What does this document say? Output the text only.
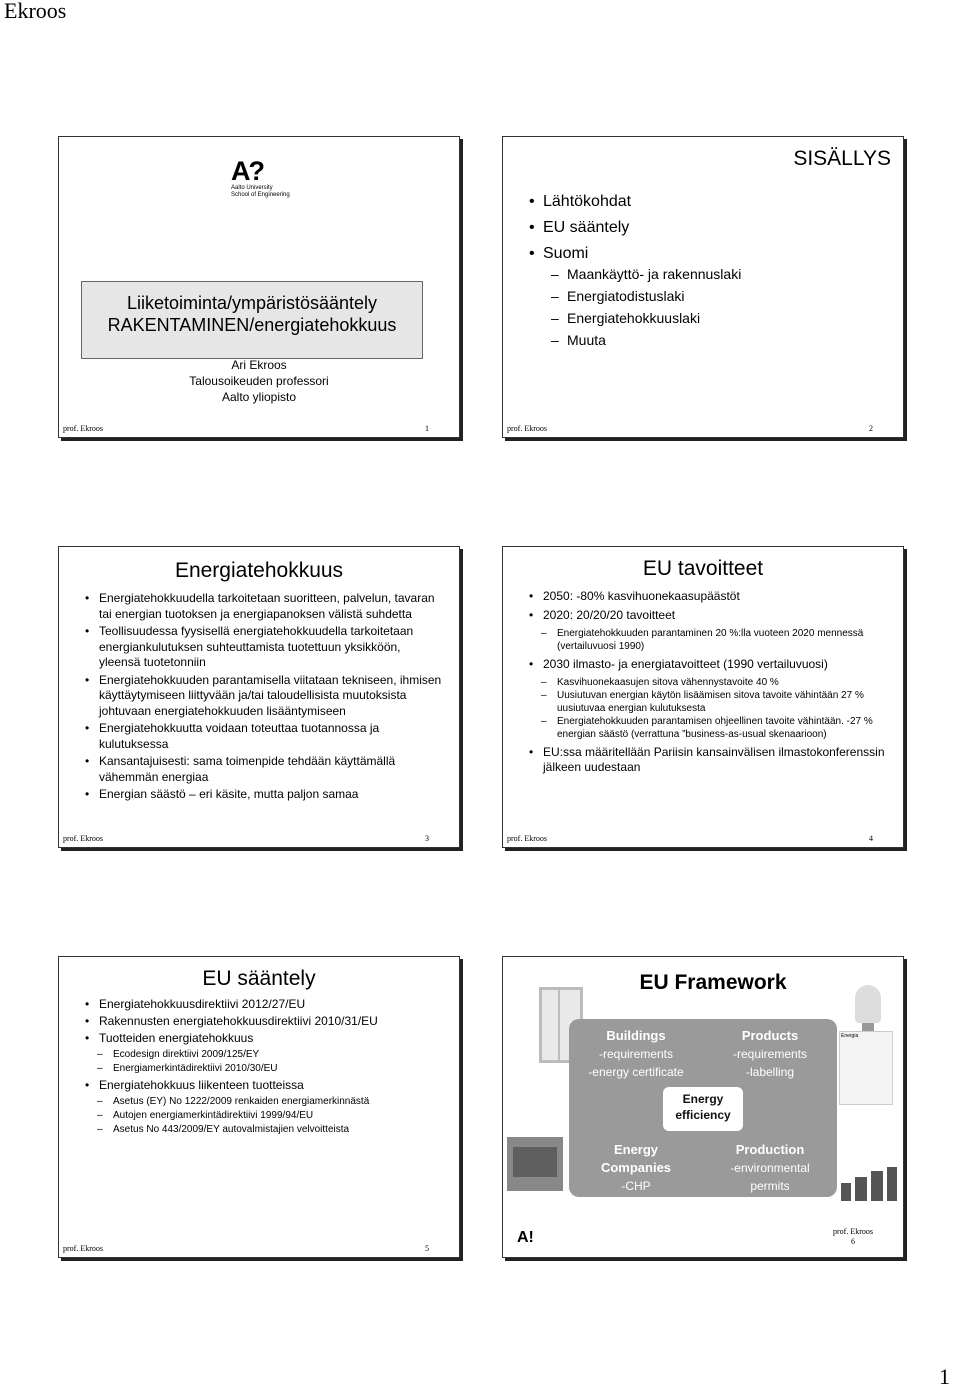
Ekroos
A?
Aalto University
School of Engineering
Liiketoiminta/ympäristösääntely
RAKENTAMINEN/energiatehokkuus
Ari Ekroos
Talousoikeuden professori
Aalto yliopisto
prof. Ekroos	1
SISÄLLYS
• Lähtökohdat
• EU sääntely
• Suomi
– Maankäyttö- ja rakennuslaki
– Energiatodistuslaki
– Energiatehokkuuslaki
– Muuta
prof. Ekroos	2
Energiatehokkuus
• Energiatehokkuudella tarkoitetaan suoritteen, palvelun, tavaran tai energian tuotoksen ja energiapanoksen välistä suhdetta
• Teollisuudessa fyysisellä energiatehokkuudella tarkoitetaan energiankulutuksen suhteuttamista tuotettuun yksikköön, yleensä tuotetonniin
• Energiatehokkuuden parantamisella viitataan tekniseen, ihmisen käyttäytymiseen liittyvään ja/tai taloudellisista muutoksista johtuvaan energiatehokkuuden lisääntymiseen
• Energiatehokkuutta voidaan toteuttaa tuotannossa ja kulutuksessa
• Kansantajuisesti: sama toimenpide tehdään käyttämällä vähemmän energiaa
• Energian säästö – eri käsite, mutta paljon samaa
prof. Ekroos	3
EU tavoitteet
• 2050: -80% kasvihuonekaasupäästöt
• 2020: 20/20/20 tavoitteet
– Energiatehokkuuden parantaminen 20 %:lla vuoteen 2020 mennessä (vertailuvuosi 1990)
• 2030 ilmasto- ja energiatavoitteet (1990 vertailuvuosi)
– Kasvihuonekaasujen sitova vähennystavoite 40 %
– Uusiutuvan energian käytön lisäämisen sitova tavoite vähintään 27 % uusiutuvaa energian kulutuksesta
– Energiatehokkuuden parantamisen ohjeellinen tavoite vähintään. -27 % energian säästö (verrattuna ”business-as-usual skenaarioon)
• EU:ssa määritellään Pariisin kansainvälisen ilmastokonferenssin jälkeen uudestaan
prof. Ekroos	4
EU sääntely
• Energiatehokkuusdirektiivi 2012/27/EU
• Rakennusten energiatehokkuusdirektiivi 2010/31/EU
• Tuotteiden energiatehokkuus
– Ecodesign direktiivi 2009/125/EY
– Energiamerkintädirektiivi 2010/30/EU
• Energiatehokkuus liikenteen tuotteissa
– Asetus (EY) No 1222/2009 renkaiden energiamerkinnästä
– Autojen energiamerkintädirektiivi 1999/94/EU
– Asetus No 443/2009/EY autovalmistajien velvoitteista
prof. Ekroos	5
EU Framework
Energia
Buildings
-requirements
-energy certificate
Products
-requirements
-labelling
Energy
Companies
-CHP
Production
-environmental
permits
Energy
efficiency
A!	prof. Ekroos
6
1
